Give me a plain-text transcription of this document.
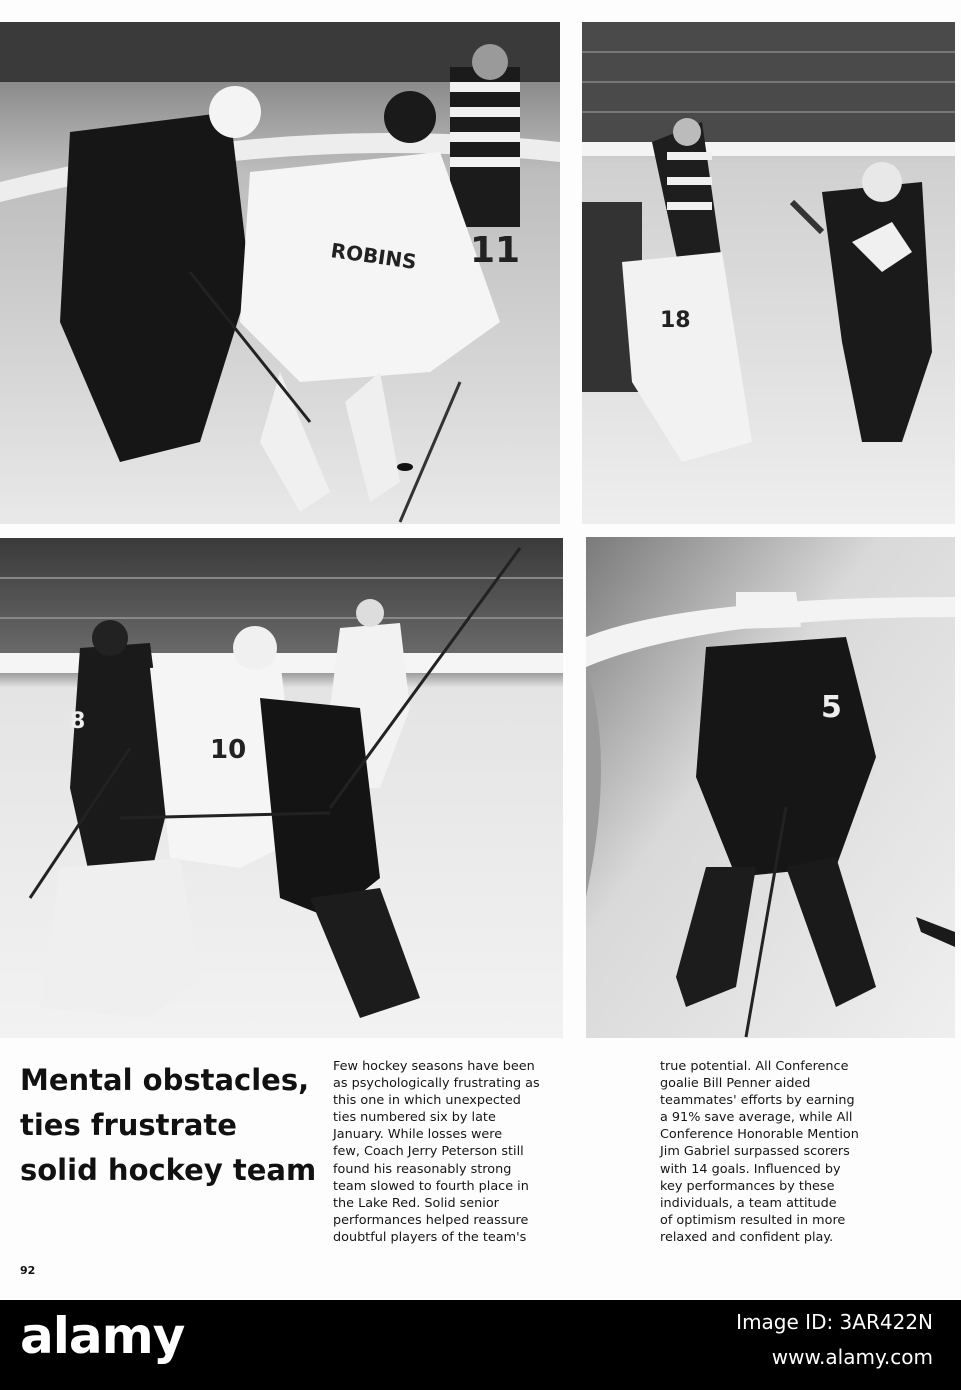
ROBINS 11
18
8
10
5
Mental obstacles,
ties frustrate
solid hockey team

Few hockey seasons have been
as psychologically frustrating as
this one in which unexpected
ties numbered six by late
January. While losses were
few, Coach Jerry Peterson still
found his reasonably strong
team slowed to fourth place in
the Lake Red. Solid senior
performances helped reassure
doubtful players of the team's

true potential. All Conference
goalie Bill Penner aided
teammates' efforts by earning
a 91% save average, while All
Conference Honorable Mention
Jim Gabriel surpassed scorers
with 14 goals. Influenced by
key performances by these
individuals, a team attitude
of optimism resulted in more
relaxed and confident play.

92
alamy	Image ID: 3AR422N
www.alamy.com
